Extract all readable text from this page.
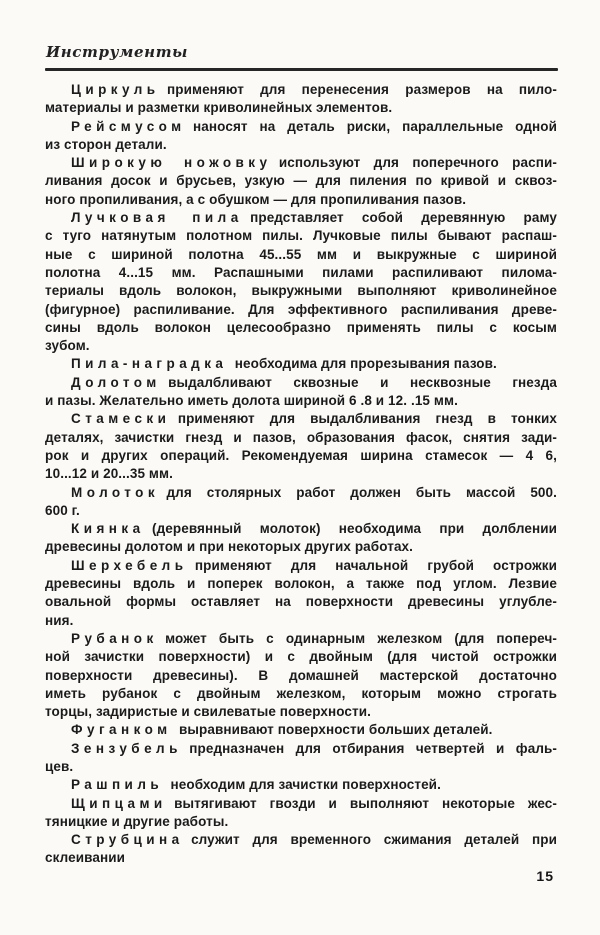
Инструменты

Циркуль применяют для перенесения размеров на пило-
материалы и разметки криволинейных элементов.

Рейсмусом наносят на деталь риски, параллельные одной
из сторон детали.

Широкую ножовку используют для поперечного распи-
ливания досок и брусьев, узкую — для пиления по кривой и сквоз-
ного пропиливания, а с обушком — для пропиливания пазов.

Лучковая пила представляет собой деревянную раму
с туго натянутым полотном пилы. Лучковые пилы бывают распаш-
ные с шириной полотна 45...55 мм и выкружные с шириной
полотна 4...15 мм. Распашными пилами распиливают пилома-
териалы вдоль волокон, выкружными выполняют криволинейное
(фигурное) распиливание. Для эффективного распиливания древе-
сины вдоль волокон целесообразно применять пилы с косым
зубом.

Пила-наградка необходима для прорезывания пазов.

Долотом выдалбливают сквозные и несквозные гнезда
и пазы. Желательно иметь долота шириной 6 .8 и 12. .15 мм.

Стамески применяют для выдалбливания гнезд в тонких
деталях, зачистки гнезд и пазов, образования фасок, снятия зади-
рок и других операций. Рекомендуемая ширина стамесок — 4 6,
10...12 и 20...35 мм.

Молоток для столярных работ должен быть массой 500.
600 г.

Киянка (деревянный молоток) необходима при долблении
древесины долотом и при некоторых других работах.

Шерхебель применяют для начальной грубой острожки
древесины вдоль и поперек волокон, а также под углом. Лезвие
овальной формы оставляет на поверхности древесины углубле-
ния.

Рубанок может быть с одинарным железком (для попереч-
ной зачистки поверхности) и с двойным (для чистой острожки
поверхности древесины). В домашней мастерской достаточно
иметь рубанок с двойным железком, которым можно строгать
торцы, задиристые и свилеватые поверхности.

Фуганком выравнивают поверхности больших деталей.

Зензубель предназначен для отбирания четвертей и фаль-
цев.

Рашпиль необходим для зачистки поверхностей.

Щипцами вытягивают гвозди и выполняют некоторые жес-
тяницкие и другие работы.

Струбцина служит для временного сжимания деталей при
склеивании

15
